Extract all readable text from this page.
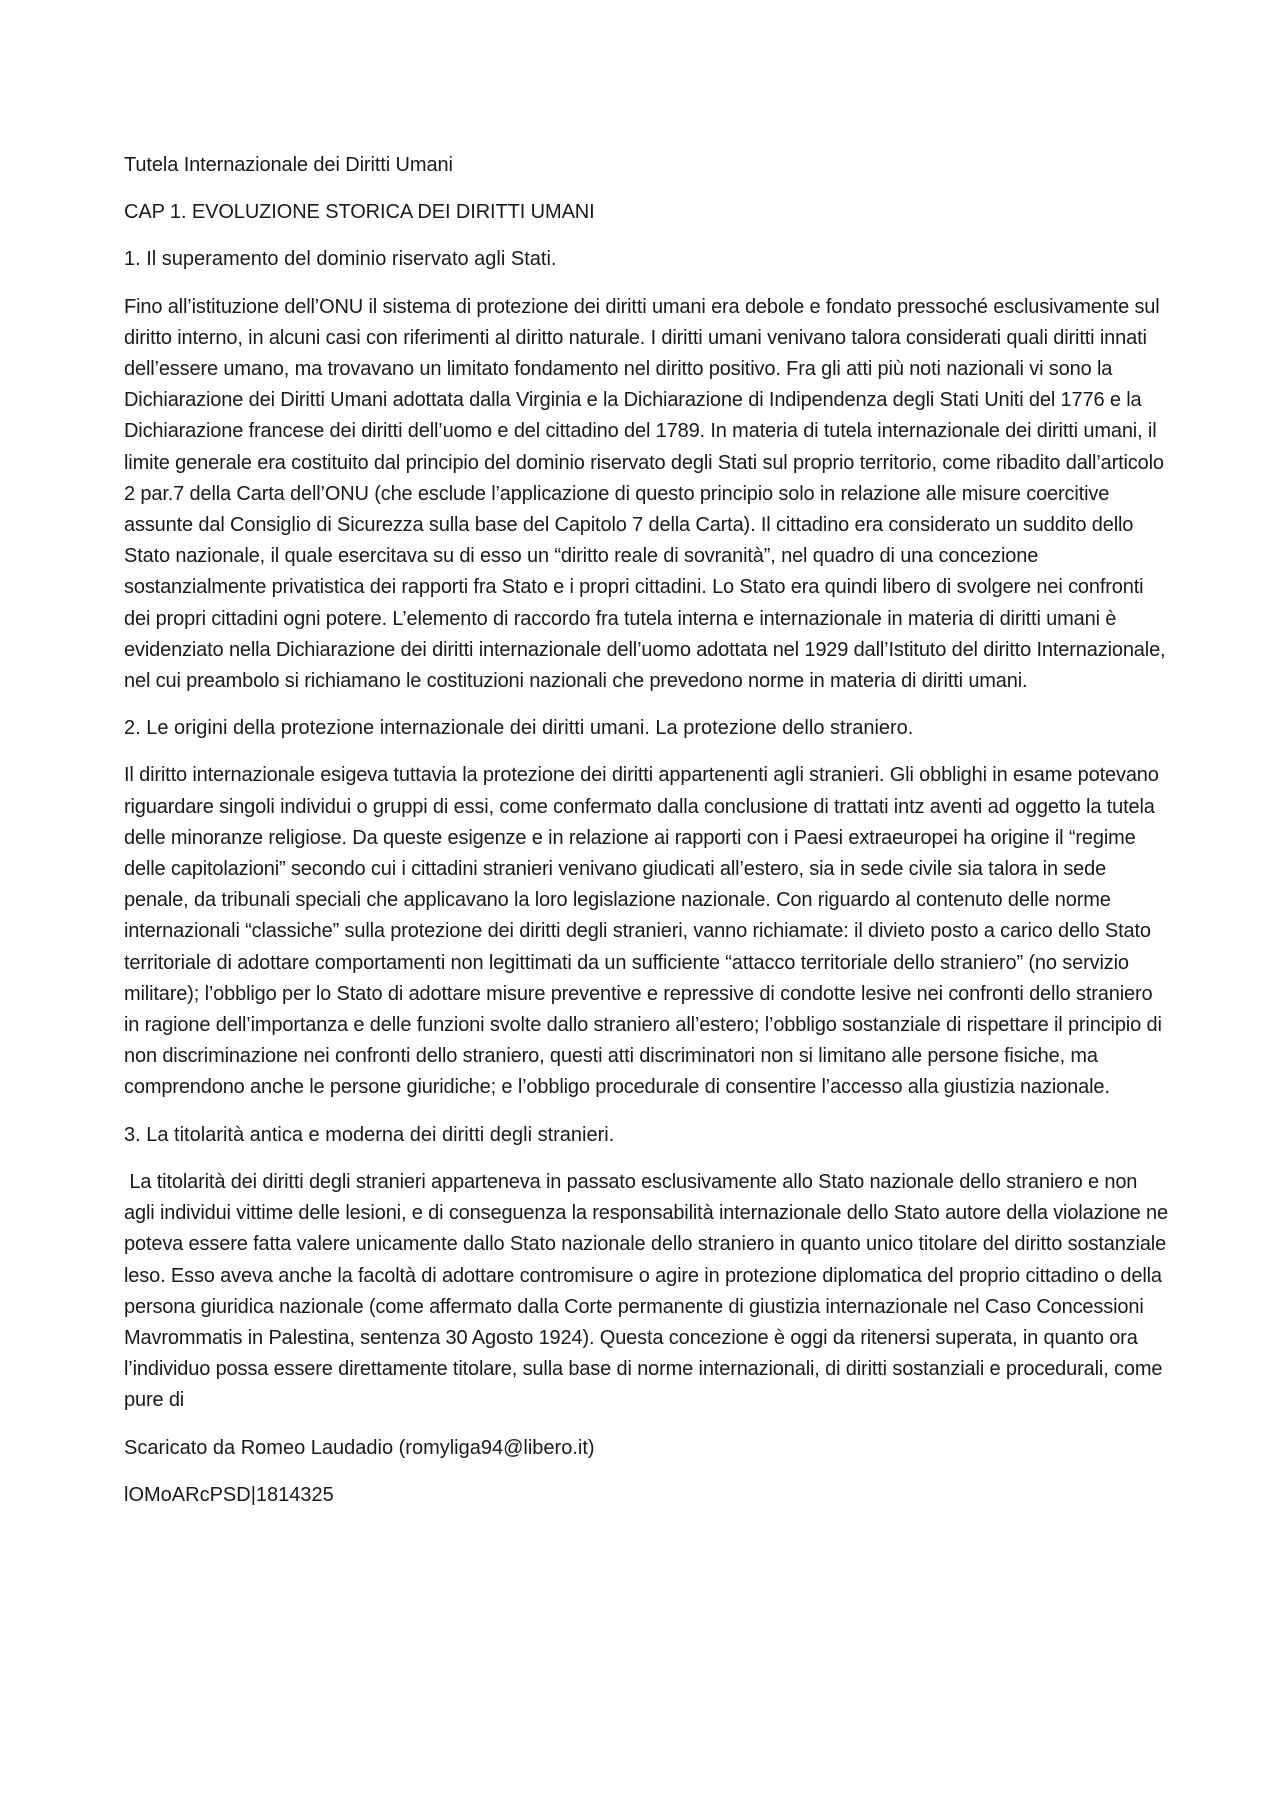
Tutela Internazionale dei Diritti Umani

CAP 1. EVOLUZIONE STORICA DEI DIRITTI UMANI

1. Il superamento del dominio riservato agli Stati.

Fino all’istituzione dell’ONU il sistema di protezione dei diritti umani era debole e fondato pressoché esclusivamente sul diritto interno, in alcuni casi con riferimenti al diritto naturale. I diritti umani venivano talora considerati quali diritti innati dell’essere umano, ma trovavano un limitato fondamento nel diritto positivo. Fra gli atti più noti nazionali vi sono la Dichiarazione dei Diritti Umani adottata dalla Virginia e la Dichiarazione di Indipendenza degli Stati Uniti del 1776 e la Dichiarazione francese dei diritti dell’uomo e del cittadino del 1789. In materia di tutela internazionale dei diritti umani, il limite generale era costituito dal principio del dominio riservato degli Stati sul proprio territorio, come ribadito dall’articolo 2 par.7 della Carta dell’ONU (che esclude l’applicazione di questo principio solo in relazione alle misure coercitive assunte dal Consiglio di Sicurezza sulla base del Capitolo 7 della Carta). Il cittadino era considerato un suddito dello Stato nazionale, il quale esercitava su di esso un “diritto reale di sovranità”, nel quadro di una concezione sostanzialmente privatistica dei rapporti fra Stato e i propri cittadini. Lo Stato era quindi libero di svolgere nei confronti dei propri cittadini ogni potere. L’elemento di raccordo fra tutela interna e internazionale in materia di diritti umani è evidenziato nella Dichiarazione dei diritti internazionale dell’uomo adottata nel 1929 dall’Istituto del diritto Internazionale, nel cui preambolo si richiamano le costituzioni nazionali che prevedono norme in materia di diritti umani.

2. Le origini della protezione internazionale dei diritti umani. La protezione dello straniero.

Il diritto internazionale esigeva tuttavia la protezione dei diritti appartenenti agli stranieri. Gli obblighi in esame potevano riguardare singoli individui o gruppi di essi, come confermato dalla conclusione di trattati intz aventi ad oggetto la tutela delle minoranze religiose. Da queste esigenze e in relazione ai rapporti con i Paesi extraeuropei ha origine il “regime delle capitolazioni” secondo cui i cittadini stranieri venivano giudicati all’estero, sia in sede civile sia talora in sede penale, da tribunali speciali che applicavano la loro legislazione nazionale. Con riguardo al contenuto delle norme internazionali “classiche” sulla protezione dei diritti degli stranieri, vanno richiamate: il divieto posto a carico dello Stato territoriale di adottare comportamenti non legittimati da un sufficiente “attacco territoriale dello straniero” (no servizio militare); l’obbligo per lo Stato di adottare misure preventive e repressive di condotte lesive nei confronti dello straniero in ragione dell’importanza e delle funzioni svolte dallo straniero all’estero; l’obbligo sostanziale di rispettare il principio di non discriminazione nei confronti dello straniero, questi atti discriminatori non si limitano alle persone fisiche, ma comprendono anche le persone giuridiche; e l’obbligo procedurale di consentire l’accesso alla giustizia nazionale.

3. La titolarità antica e moderna dei diritti degli stranieri.

La titolarità dei diritti degli stranieri apparteneva in passato esclusivamente allo Stato nazionale dello straniero e non agli individui vittime delle lesioni, e di conseguenza la responsabilità internazionale dello Stato autore della violazione ne poteva essere fatta valere unicamente dallo Stato nazionale dello straniero in quanto unico titolare del diritto sostanziale leso. Esso aveva anche la facoltà di adottare contromisure o agire in protezione diplomatica del proprio cittadino o della persona giuridica nazionale (come affermato dalla Corte permanente di giustizia internazionale nel Caso Concessioni Mavrommatis in Palestina, sentenza 30 Agosto 1924). Questa concezione è oggi da ritenersi superata, in quanto ora l’individuo possa essere direttamente titolare, sulla base di norme internazionali, di diritti sostanziali e procedurali, come pure di

Scaricato da Romeo Laudadio (romyliga94@libero.it)

lOMoARcPSD|1814325
